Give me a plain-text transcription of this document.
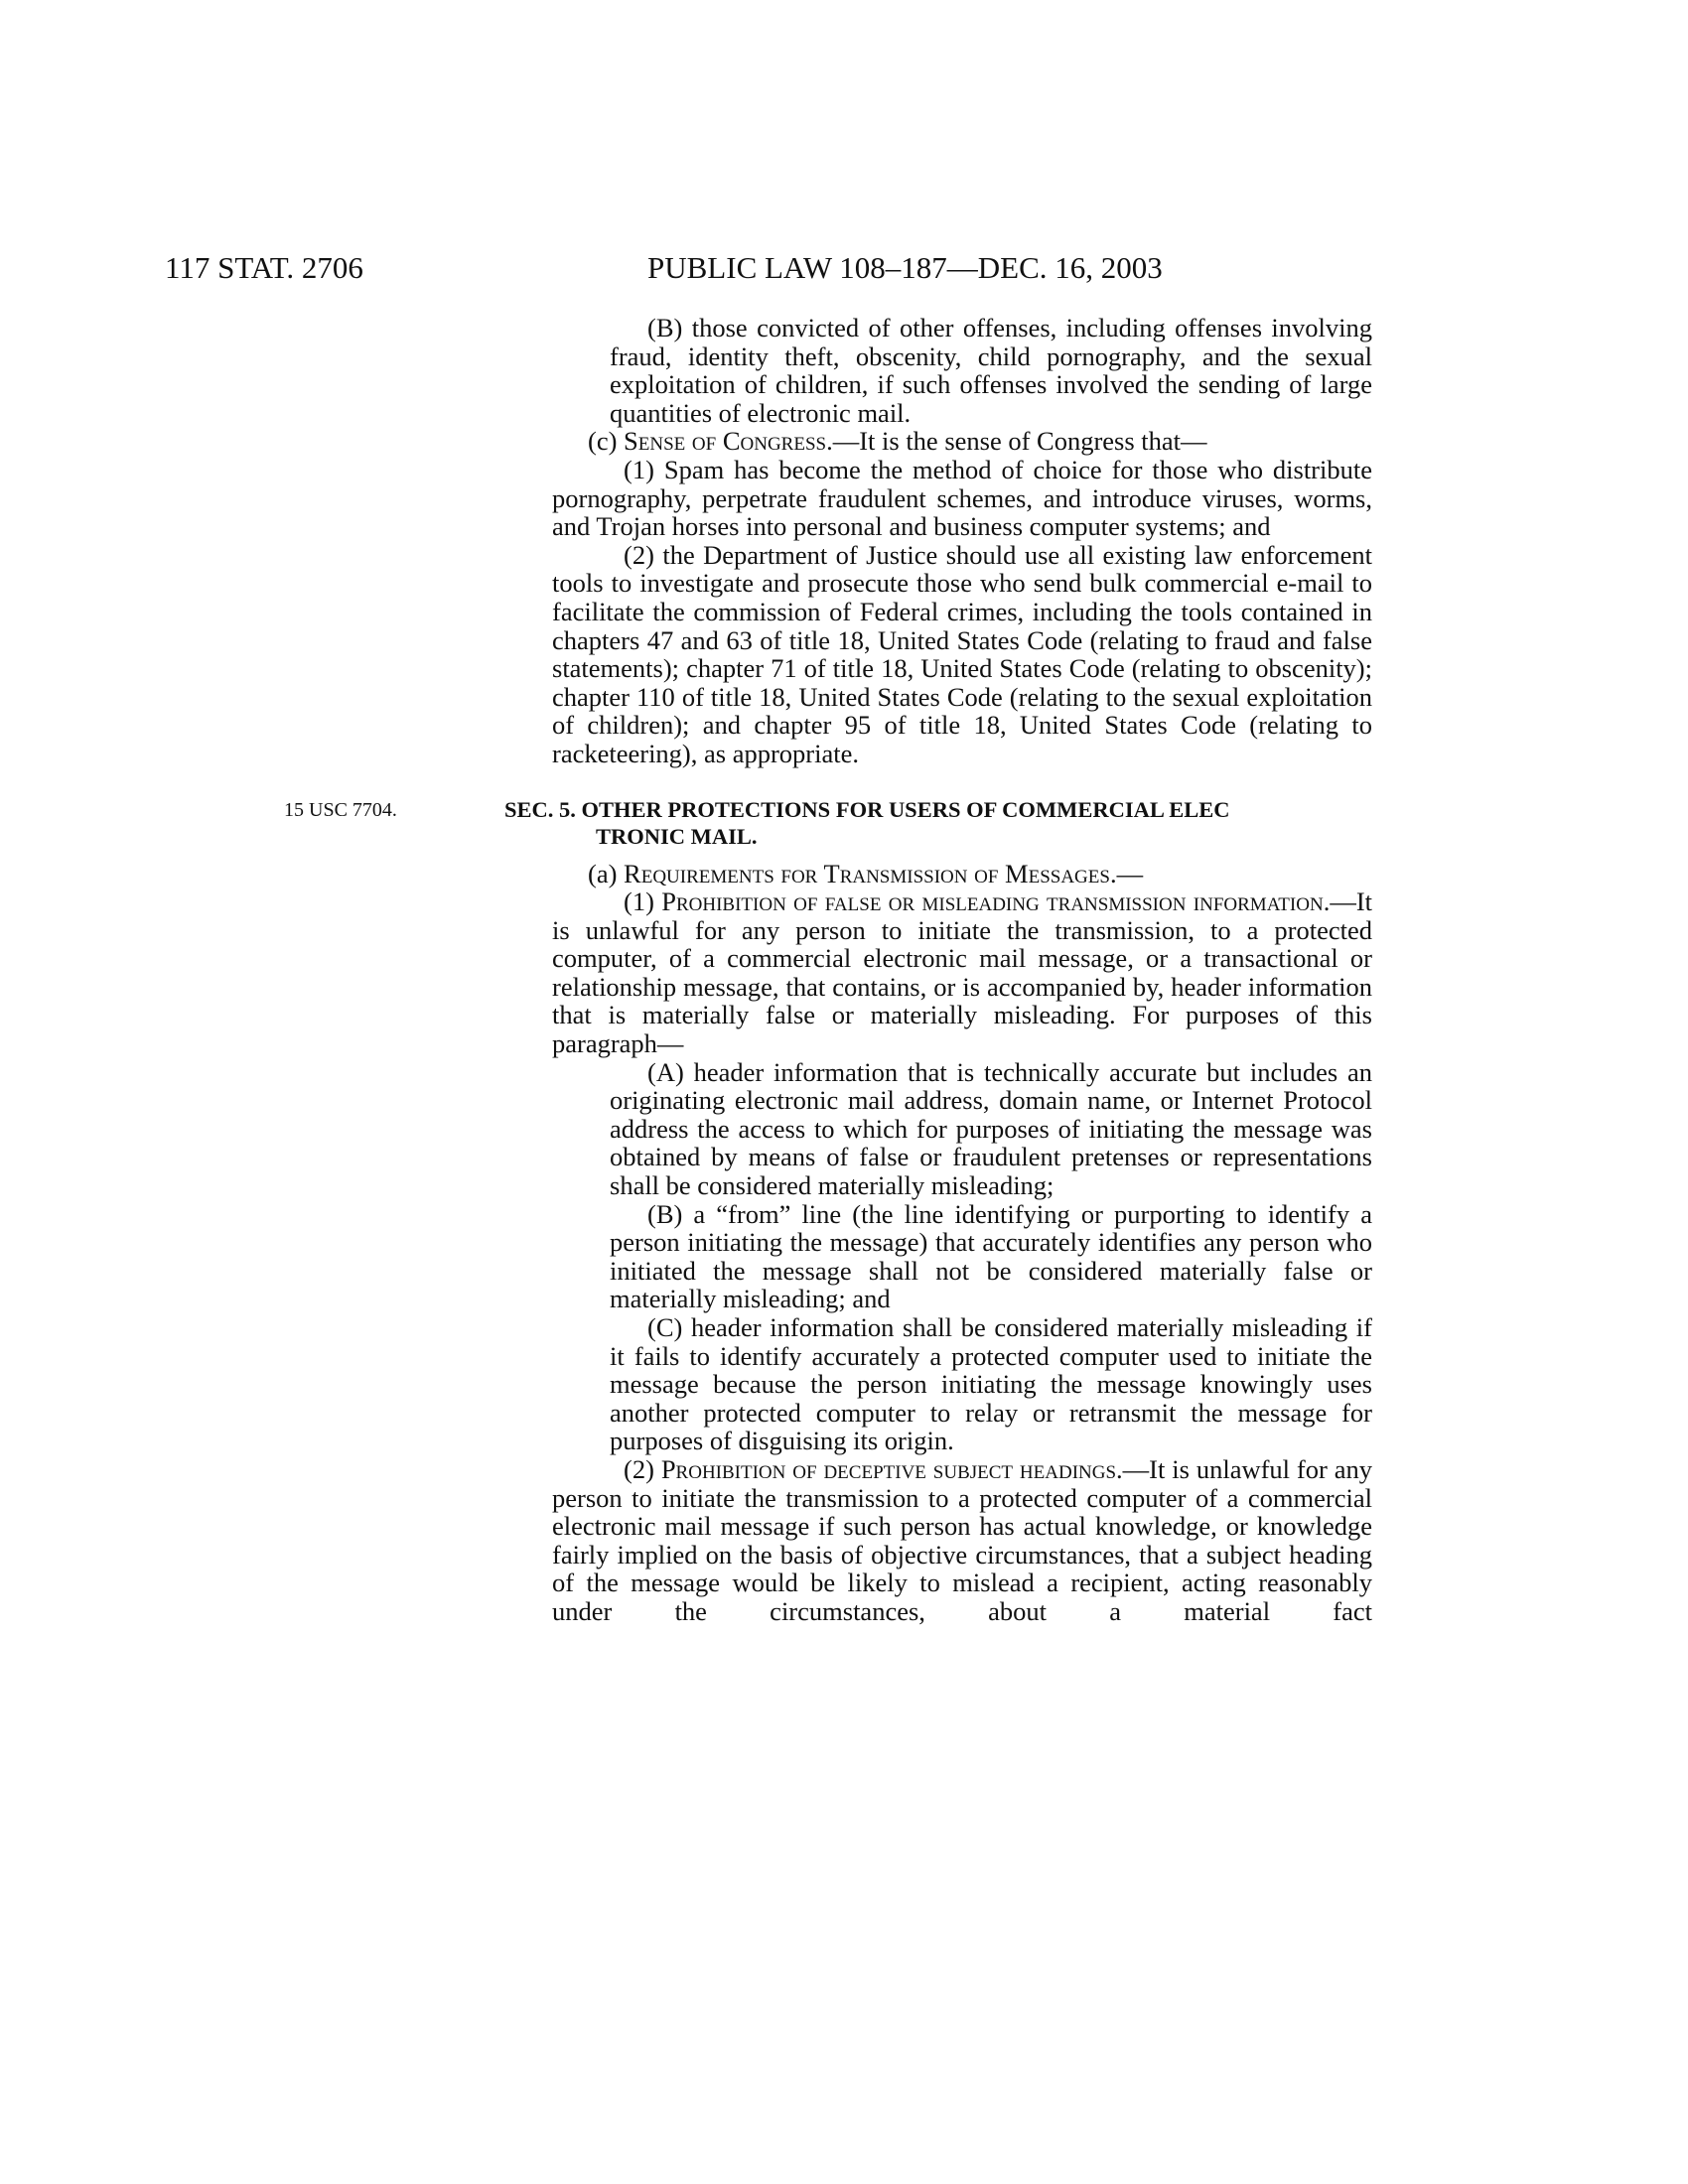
117 STAT. 2706	PUBLIC LAW 108–187—DEC. 16, 2003

(B) those convicted of other offenses, including offenses involving fraud, identity theft, obscenity, child pornography, and the sexual exploitation of children, if such offenses involved the sending of large quantities of electronic mail.

(c) Sense of Congress.—It is the sense of Congress that—

(1) Spam has become the method of choice for those who distribute pornography, perpetrate fraudulent schemes, and introduce viruses, worms, and Trojan horses into personal and business computer systems; and

(2) the Department of Justice should use all existing law enforcement tools to investigate and prosecute those who send bulk commercial e-mail to facilitate the commission of Federal crimes, including the tools contained in chapters 47 and 63 of title 18, United States Code (relating to fraud and false statements); chapter 71 of title 18, United States Code (relating to obscenity); chapter 110 of title 18, United States Code (relating to the sexual exploitation of children); and chapter 95 of title 18, United States Code (relating to racketeering), as appropriate.

15 USC 7704.	SEC. 5. OTHER PROTECTIONS FOR USERS OF COMMERCIAL ELEC
TRONIC MAIL.

(a) Requirements for Transmission of Messages.—

(1) Prohibition of false or misleading transmission information.—It is unlawful for any person to initiate the transmission, to a protected computer, of a commercial electronic mail message, or a transactional or relationship message, that contains, or is accompanied by, header information that is materially false or materially misleading. For purposes of this paragraph—

(A) header information that is technically accurate but includes an originating electronic mail address, domain name, or Internet Protocol address the access to which for purposes of initiating the message was obtained by means of false or fraudulent pretenses or representations shall be considered materially misleading;

(B) a “from” line (the line identifying or purporting to identify a person initiating the message) that accurately identifies any person who initiated the message shall not be considered materially false or materially misleading; and

(C) header information shall be considered materially misleading if it fails to identify accurately a protected computer used to initiate the message because the person initiating the message knowingly uses another protected computer to relay or retransmit the message for purposes of disguising its origin.

(2) Prohibition of deceptive subject headings.—It is unlawful for any person to initiate the transmission to a protected computer of a commercial electronic mail message if such person has actual knowledge, or knowledge fairly implied on the basis of objective circumstances, that a subject heading of the message would be likely to mislead a recipient, acting reasonably under the circumstances, about a material fact
